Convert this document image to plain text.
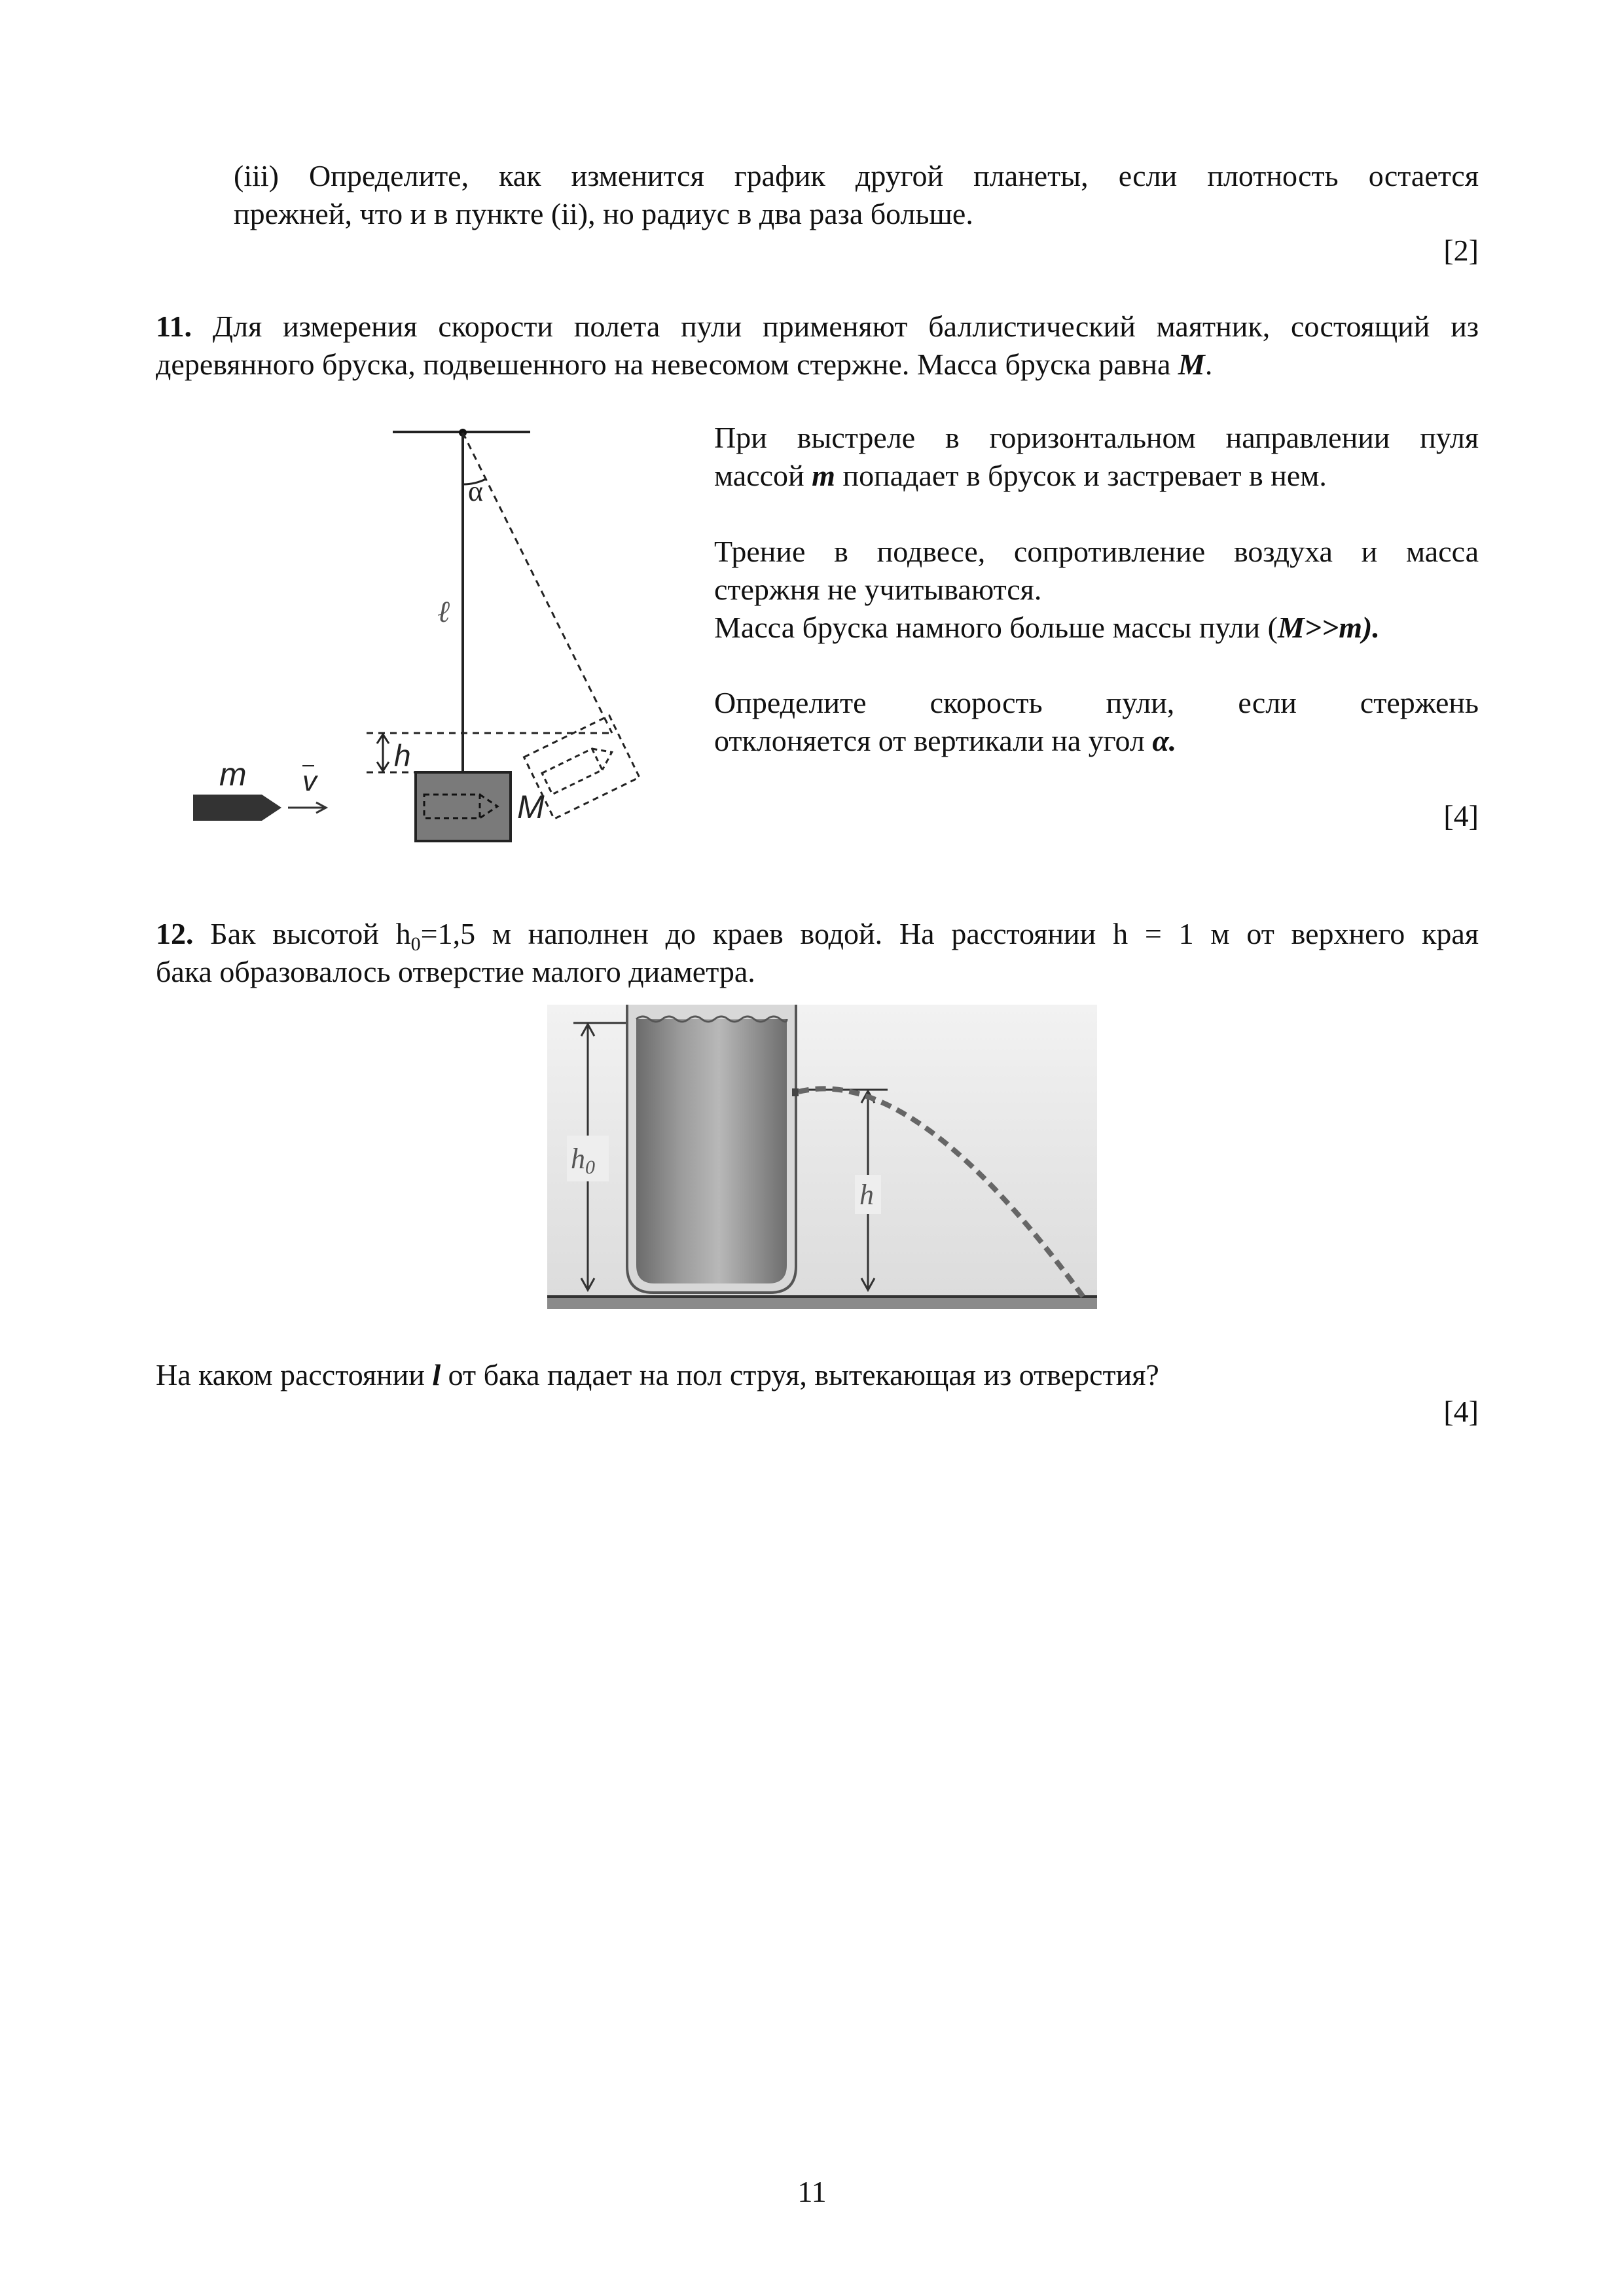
(iii) Определите, как изменится график другой планеты, если плотность остается
прежней, что и в пункте (ii), но радиус в два раза больше.
[2]
11. Для измерения скорости полета пули применяют баллистический маятник, состоящий из
деревянного бруска, подвешенного на невесомом стержне. Масса бруска равна M.
α
ℓ
h
M
m v
При выстреле в горизонтальном направлении пуля
массой m попадает в брусок и застревает в нем.
Трение в подвесе, сопротивление воздуха и масса
стержня не учитываются.
Масса бруска намного больше массы пули (M>>m).
Определите скорость пули, если стержень
отклоняется от вертикали на угол α.
[4]
12. Бак высотой $h_0=1,5$ м наполнен до краев водой. На расстоянии h = 1 м от верхнего края
бака образовалось отверстие малого диаметра.
h0
h
На каком расстоянии l от бака падает на пол струя, вытекающая из отверстия?
[4]
11
